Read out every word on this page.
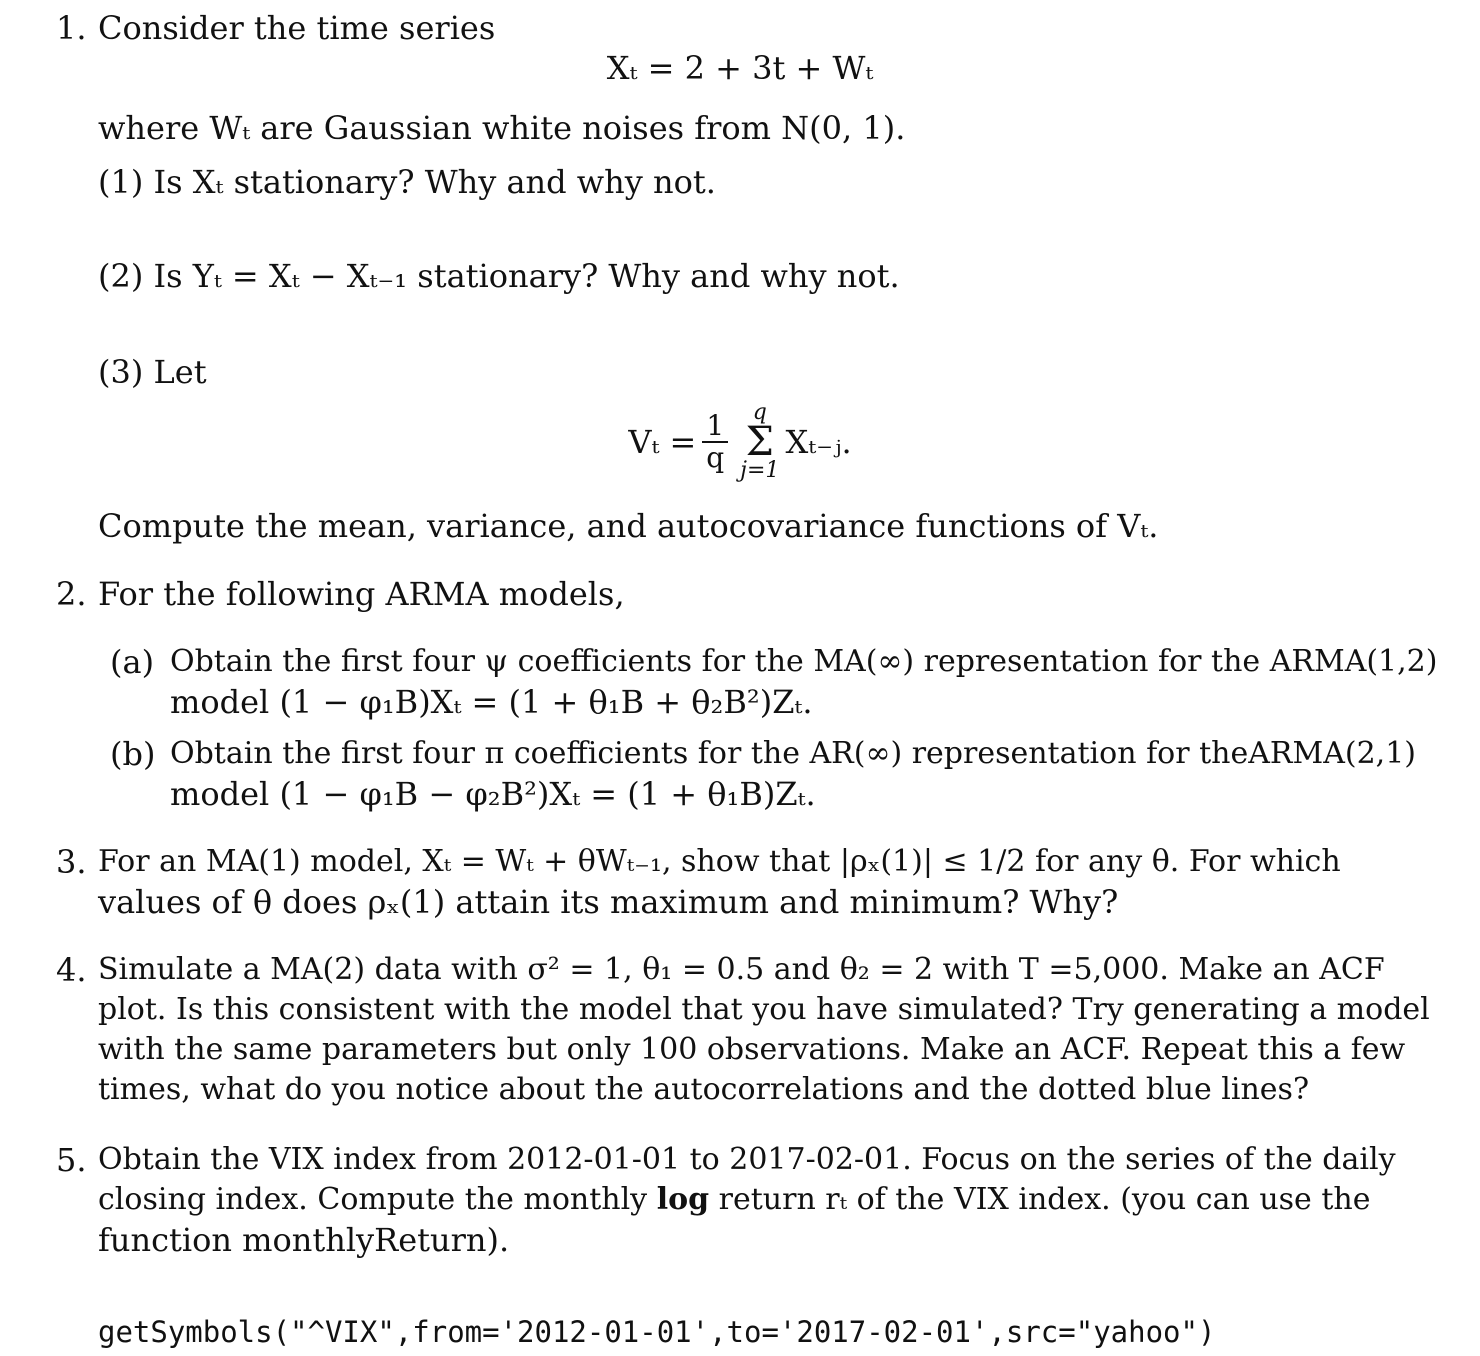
1. Consider the time series
Xₜ = 2 + 3t + Wₜ
where Wₜ are Gaussian white noises from N(0, 1).
(1) Is Xₜ stationary? Why and why not.
(2) Is Yₜ = Xₜ − Xₜ₋₁ stationary? Why and why not.
(3) Let
$V_t = \frac{1}{q}$	q
Σ
j=1
Xₜ₋ⱼ.
Compute the mean, variance, and autocovariance functions of Vₜ.
2. For the following ARMA models,
(a) Obtain the first four ψ coefficients for the MA(∞) representation for the ARMA(1,2)
model (1 − φ₁B)Xₜ = (1 + θ₁B + θ₂B²)Zₜ.
(b) Obtain the first four π coefficients for the AR(∞) representation for theARMA(2,1)
model (1 − φ₁B − φ₂B²)Xₜ = (1 + θ₁B)Zₜ.
3. For an MA(1) model, Xₜ = Wₜ + θWₜ₋₁, show that |ρₓ(1)| ≤ 1/2 for any θ. For which
values of θ does ρₓ(1) attain its maximum and minimum? Why?
4. Simulate a MA(2) data with σ² = 1, θ₁ = 0.5 and θ₂ = 2 with T =5,000. Make an ACF
plot. Is this consistent with the model that you have simulated? Try generating a model
with the same parameters but only 100 observations. Make an ACF. Repeat this a few
times, what do you notice about the autocorrelations and the dotted blue lines?
5. Obtain the VIX index from 2012-01-01 to 2017-02-01. Focus on the series of the daily
closing index. Compute the monthly log return rₜ of the VIX index. (you can use the
function monthlyReturn).
getSymbols("^VIX",from='2012-01-01',to='2017-02-01',src="yahoo")
